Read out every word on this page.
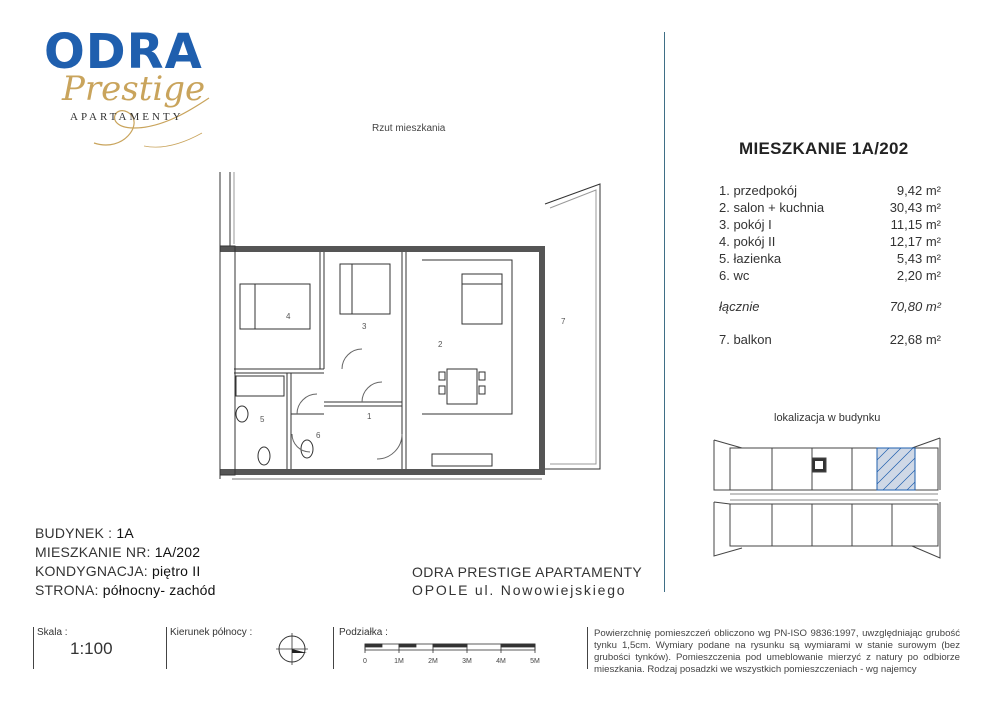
ODRA
Prestige
APARTAMENTY
Rzut mieszkania
1
2
3
4
5
6
7
MIESZKANIE 1A/202
1. przedpokój	9,42 m²
2. salon + kuchnia	30,43 m²
3. pokój I	11,15 m²
4. pokój II	12,17 m²
5. łazienka	5,43 m²
6. wc	2,20 m²
łącznie	70,80 m²
7. balkon	22,68 m²
lokalizacja w budynku
BUDYNEK : 1A
MIESZKANIE NR: 1A/202
KONDYGNACJA: piętro II
STRONA: północny- zachód
ODRA PRESTIGE APARTAMENTY
OPOLE ul. Nowowiejskiego
Skala :
1:100
Kierunek północy :	Podziałka :
0	1M	2M	3M	4M	5M
Powierzchnię pomieszczeń obliczono wg PN-ISO 9836:1997, uwzględniając grubość tynku 1,5cm. Wymiary podane na rysunku są wymiarami w stanie surowym (bez grubości tynków). Pomieszczenia pod umeblowanie mierzyć z natury po odbiorze mieszkania. Rodzaj posadzki we wszystkich pomieszczeniach - wg najemcy
